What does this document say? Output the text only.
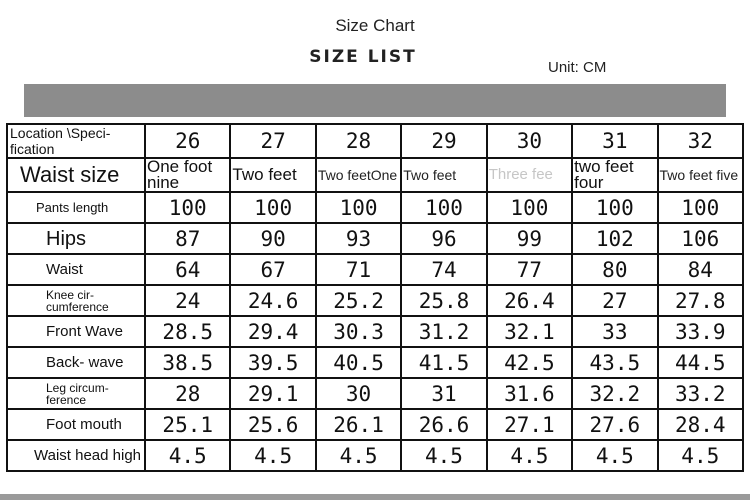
Size Chart
SIZE LIST
Unit: CM
Location \Speci- fication	26	27	28	29	30	31	32
Waist size	One foot nine	Two feet	Two feetOne	Two feet	Three fee	two feet four	Two feet five
Pants length	100	100	100	100	100	100	100
Hips	87	90	93	96	99	102	106
Waist	64	67	71	74	77	80	84
Knee cir- cumference	24	24.6	25.2	25.8	26.4	27	27.8
Front Wave	28.5	29.4	30.3	31.2	32.1	33	33.9
Back- wave	38.5	39.5	40.5	41.5	42.5	43.5	44.5
Leg circum- ference	28	29.1	30	31	31.6	32.2	33.2
Foot mouth	25.1	25.6	26.1	26.6	27.1	27.6	28.4
Waist head high	4.5	4.5	4.5	4.5	4.5	4.5	4.5
